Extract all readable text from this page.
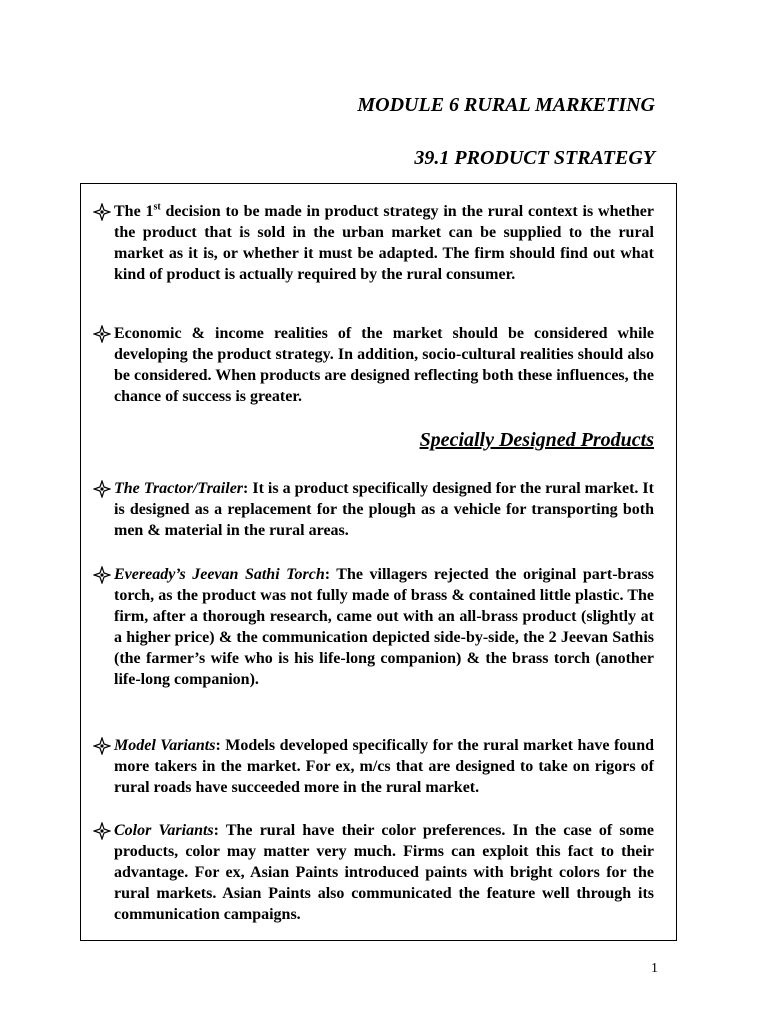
MODULE 6 RURAL MARKETING
39.1 PRODUCT STRATEGY
The 1st decision to be made in product strategy in the rural context is whether the product that is sold in the urban market can be supplied to the rural market as it is, or whether it must be adapted. The firm should find out what kind of product is actually required by the rural consumer.
Economic & income realities of the market should be considered while developing the product strategy. In addition, socio-cultural realities should also be considered. When products are designed reflecting both these influences, the chance of success is greater.
Specially Designed Products
The Tractor/Trailer: It is a product specifically designed for the rural market. It is designed as a replacement for the plough as a vehicle for transporting both men & material in the rural areas.
Eveready’s Jeevan Sathi Torch: The villagers rejected the original part-brass torch, as the product was not fully made of brass & contained little plastic. The firm, after a thorough research, came out with an all-brass product (slightly at a higher price) & the communication depicted side-by-side, the 2 Jeevan Sathis (the farmer’s wife who is his life-long companion) & the brass torch (another life-long companion).
Model Variants: Models developed specifically for the rural market have found more takers in the market. For ex, m/cs that are designed to take on rigors of rural roads have succeeded more in the rural market.
Color Variants: The rural have their color preferences. In the case of some products, color may matter very much. Firms can exploit this fact to their advantage. For ex, Asian Paints introduced paints with bright colors for the rural markets. Asian Paints also communicated the feature well through its communication campaigns.
1
